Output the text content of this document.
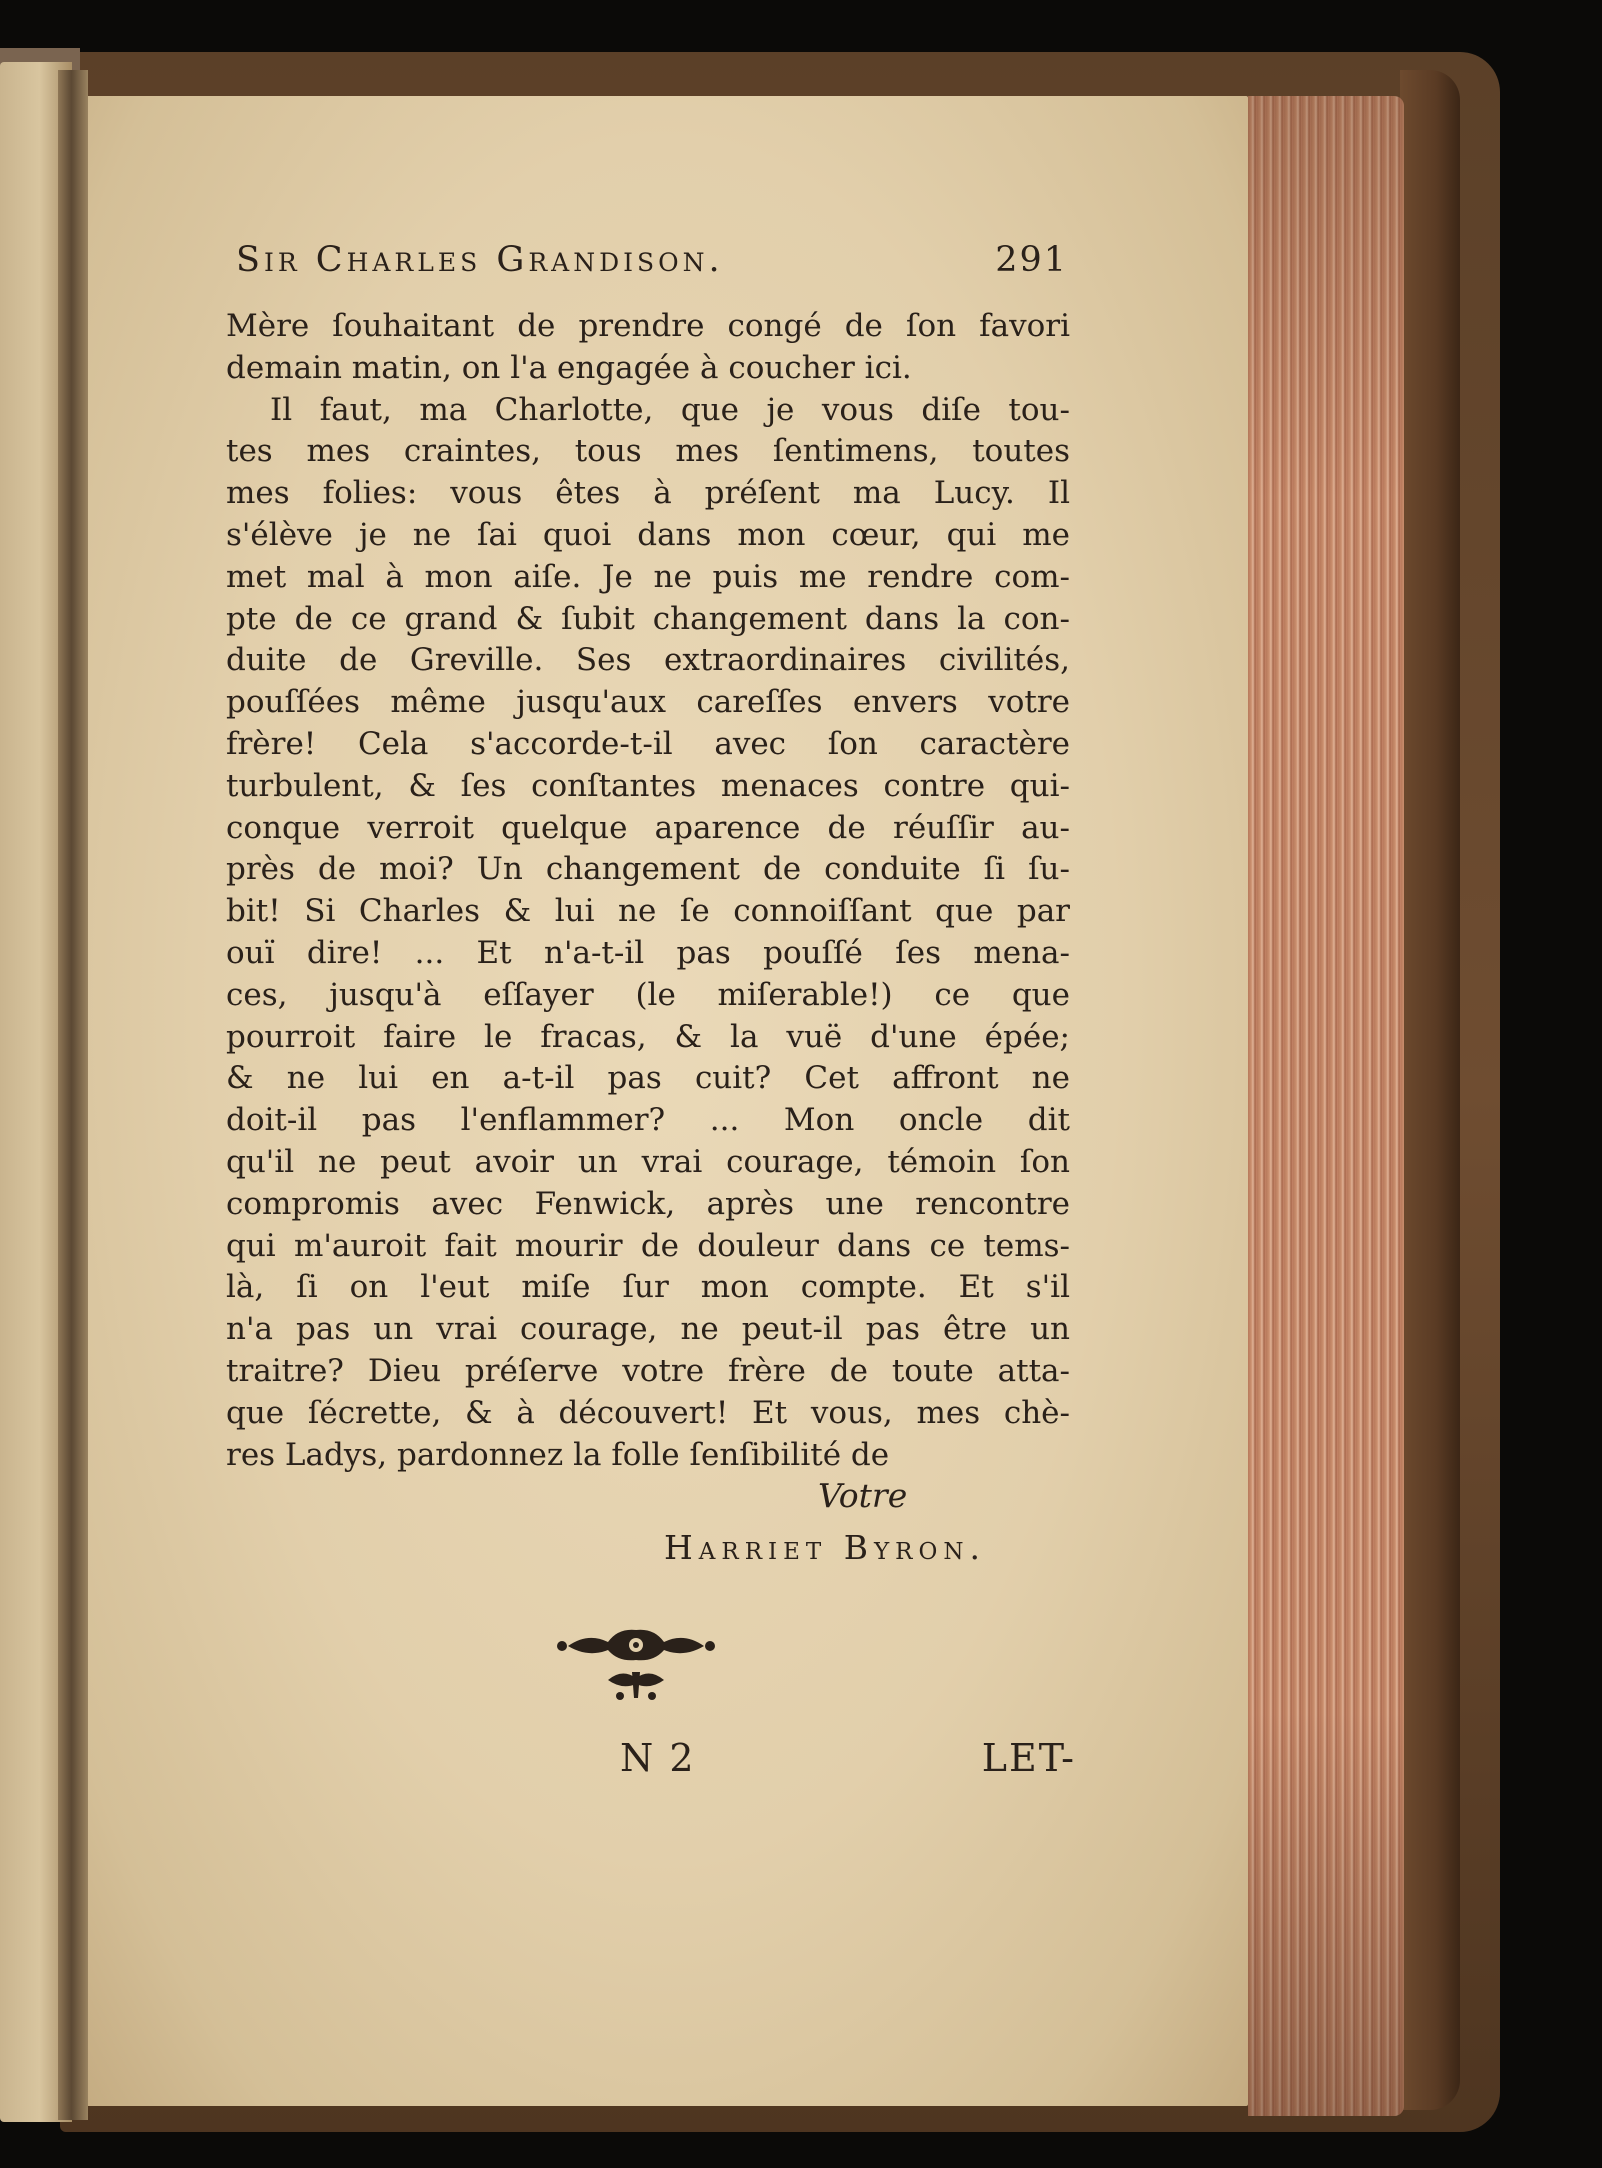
Sir Charles Grandison.	291
Mère ſouhaitant de prendre congé de ſon favori
demain matin, on l'a engagée à coucher ici.
Il faut, ma Charlotte, que je vous diſe tou-
tes mes craintes, tous mes ſentimens, toutes
mes folies: vous êtes à préſent ma Lucy. Il
s'élève je ne ſai quoi dans mon cœur, qui me
met mal à mon aiſe. Je ne puis me rendre com-
pte de ce grand & ſubit changement dans la con-
duite de Greville. Ses extraordinaires civilités,
pouſſées même jusqu'aux careſſes envers votre
frère! Cela s'accorde-t-il avec ſon caractère
turbulent, & ſes conſtantes menaces contre qui-
conque verroit quelque aparence de réuſſir au-
près de moi? Un changement de conduite ſi ſu-
bit! Si Charles & lui ne ſe connoiſſant que par
ouï dire! ... Et n'a-t-il pas pouſſé ſes mena-
ces, jusqu'à eſſayer (le miſerable!) ce que
pourroit faire le fracas, & la vuë d'une épée;
& ne lui en a-t-il pas cuit? Cet affront ne
doit-il pas l'enflammer? ... Mon oncle dit
qu'il ne peut avoir un vrai courage, témoin ſon
compromis avec Fenwick, après une rencontre
qui m'auroit fait mourir de douleur dans ce tems-
là, ſi on l'eut miſe ſur mon compte. Et s'il
n'a pas un vrai courage, ne peut-il pas être un
traitre? Dieu préſerve votre frère de toute atta-
que ſécrette, & à découvert! Et vous, mes chè-
res Ladys, pardonnez la folle ſenſibilité de
Votre
Harriet Byron.
N 2	LET-
